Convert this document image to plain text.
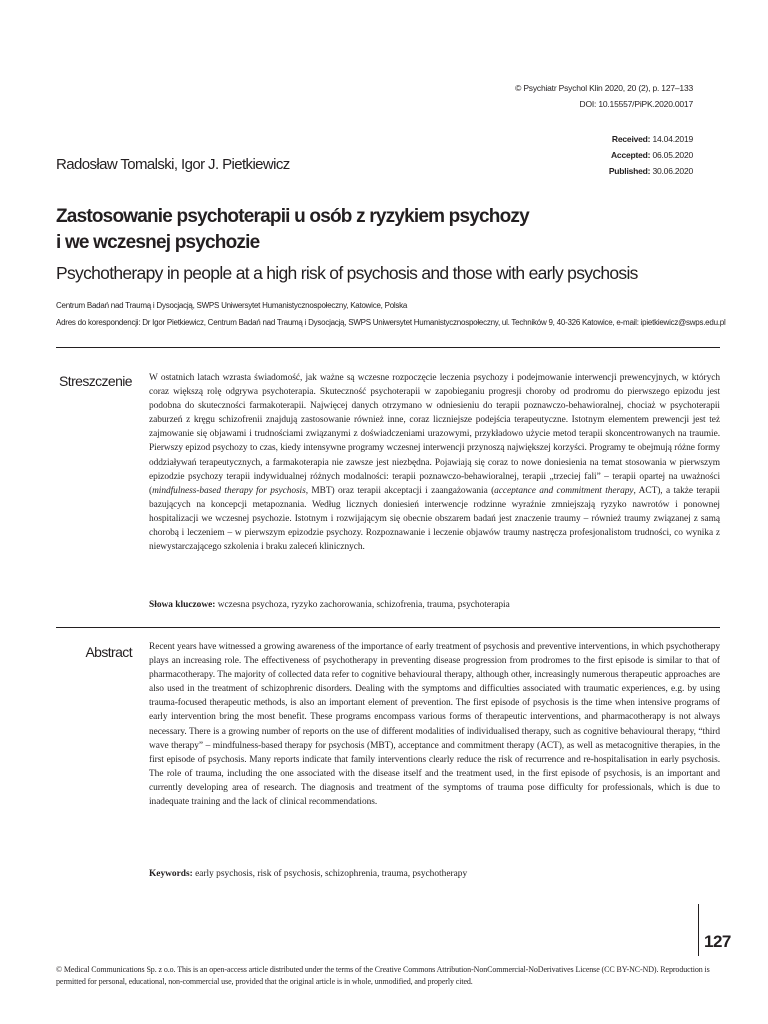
© Psychiatr Psychol Klin 2020, 20 (2), p. 127–133
DOI: 10.15557/PiPK.2020.0017
Received: 14.04.2019
Accepted: 06.05.2020
Published: 30.06.2020
Radosław Tomalski, Igor J. Pietkiewicz
Zastosowanie psychoterapii u osób z ryzykiem psychozy
i we wczesnej psychozie
Psychotherapy in people at a high risk of psychosis and those with early psychosis
Centrum Badań nad Traumą i Dysocjacją, SWPS Uniwersytet Humanistycznospołeczny, Katowice, Polska
Adres do korespondencji: Dr Igor Pietkiewicz, Centrum Badań nad Traumą i Dysocjacją, SWPS Uniwersytet Humanistycznospołeczny, ul. Techników 9, 40-326 Katowice, e-mail: ipietkiewicz@swps.edu.pl
Streszczenie W ostatnich latach wzrasta świadomość, jak ważne są wczesne rozpoczęcie leczenia psychozy i podejmowanie interwencji prewencyjnych, w których coraz większą rolę odgrywa psychoterapia. Skuteczność psychoterapii w zapobieganiu progresji choroby od prodromu do pierwszego epizodu jest podobna do skuteczności farmakoterapii. Najwięcej danych otrzymano w odniesieniu do terapii poznawczo-behawioralnej, chociaż w psychoterapii zaburzeń z kręgu schizofrenii znajdują zastosowanie również inne, coraz liczniejsze podejścia terapeutyczne. Istotnym elementem prewencji jest też zajmowanie się objawami i trudnościami związanymi z doświadczeniami urazowymi, przykładowo użycie metod terapii skoncentrowanych na traumie. Pierwszy epizod psychozy to czas, kiedy intensywne programy wczesnej interwencji przynoszą największej korzyści. Programy te obejmują różne formy oddziaływań terapeutycznych, a farmakoterapia nie zawsze jest niezbędna. Pojawiają się coraz to nowe doniesienia na temat stosowania w pierwszym epizodzie psychozy terapii indywidualnej różnych modalności: terapii poznawczo-behawioralnej, terapii „trzeciej fali” – terapii opartej na uważności (mindfulness-based therapy for psychosis, MBT) oraz terapii akceptacji i zaangażowania (acceptance and commitment therapy, ACT), a także terapii bazujących na koncepcji metapoznania. Według licznych doniesień interwencje rodzinne wyraźnie zmniejszają ryzyko nawrotów i ponownej hospitalizacji we wczesnej psychozie. Istotnym i rozwijającym się obecnie obszarem badań jest znaczenie traumy – również traumy związanej z samą chorobą i leczeniem – w pierwszym epizodzie psychozy. Rozpoznawanie i leczenie objawów traumy nastręcza profesjonalistom trudności, co wynika z niewystarczającego szkolenia i braku zaleceń klinicznych.
Słowa kluczowe: wczesna psychoza, ryzyko zachorowania, schizofrenia, trauma, psychoterapia
Abstract Recent years have witnessed a growing awareness of the importance of early treatment of psychosis and preventive interventions, in which psychotherapy plays an increasing role. The effectiveness of psychotherapy in preventing disease progression from prodromes to the first episode is similar to that of pharmacotherapy. The majority of collected data refer to cognitive behavioural therapy, although other, increasingly numerous therapeutic approaches are also used in the treatment of schizophrenic disorders. Dealing with the symptoms and difficulties associated with traumatic experiences, e.g. by using trauma-focused therapeutic methods, is also an important element of prevention. The first episode of psychosis is the time when intensive programs of early intervention bring the most benefit. These programs encompass various forms of therapeutic interventions, and pharmacotherapy is not always necessary. There is a growing number of reports on the use of different modalities of individualised therapy, such as cognitive behavioural therapy, “third wave therapy” – mindfulness-based therapy for psychosis (MBT), acceptance and commitment therapy (ACT), as well as metacognitive therapies, in the first episode of psychosis. Many reports indicate that family interventions clearly reduce the risk of recurrence and re-hospitalisation in early psychosis. The role of trauma, including the one associated with the disease itself and the treatment used, in the first episode of psychosis, is an important and currently developing area of research. The diagnosis and treatment of the symptoms of trauma pose difficulty for professionals, which is due to inadequate training and the lack of clinical recommendations.
Keywords: early psychosis, risk of psychosis, schizophrenia, trauma, psychotherapy
127
© Medical Communications Sp. z o.o. This is an open-access article distributed under the terms of the Creative Commons Attribution-NonCommercial-NoDerivatives License (CC BY-NC-ND). Reproduction is permitted for personal, educational, non-commercial use, provided that the original article is in whole, unmodified, and properly cited.
